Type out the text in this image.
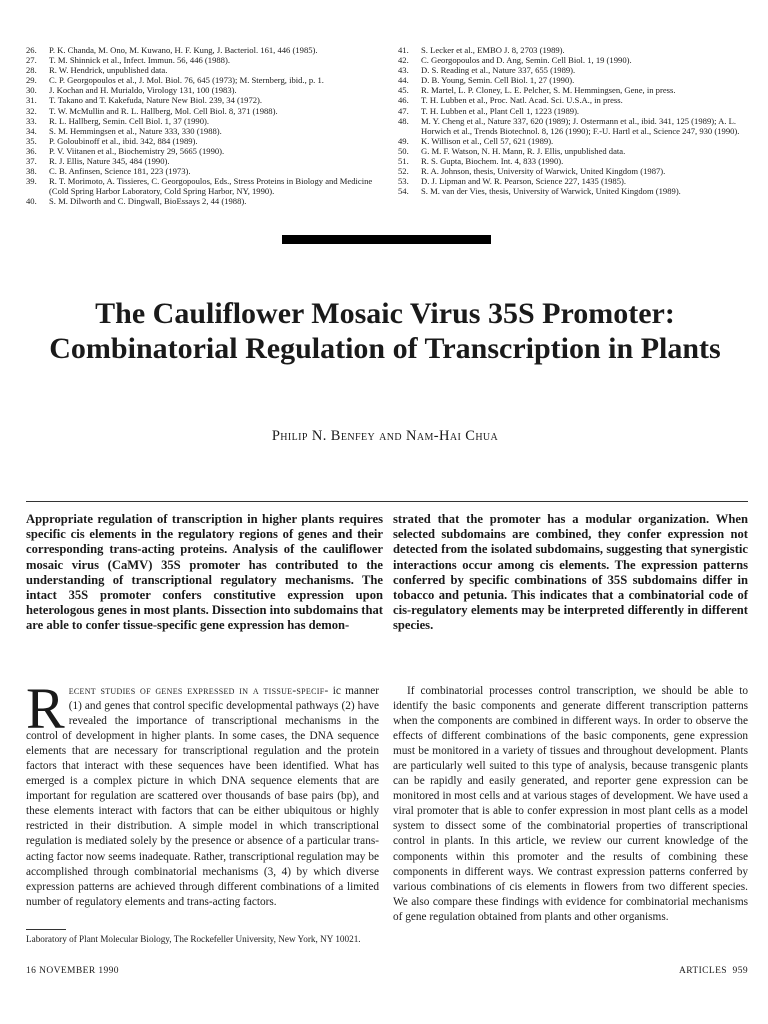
26.	P. K. Chanda, M. Ono, M. Kuwano, H. F. Kung, J. Bacteriol. 161, 446 (1985).
27.	T. M. Shinnick et al., Infect. Immun. 56, 446 (1988).
28.	R. W. Hendrick, unpublished data.
29.	C. P. Georgopoulos et al., J. Mol. Biol. 76, 645 (1973); M. Sternberg, ibid., p. 1.
30.	J. Kochan and H. Murialdo, Virology 131, 100 (1983).
31.	T. Takano and T. Kakefuda, Nature New Biol. 239, 34 (1972).
32.	T. W. McMullin and R. L. Hallberg, Mol. Cell Biol. 8, 371 (1988).
33.	R. L. Hallberg, Semin. Cell Biol. 1, 37 (1990).
34.	S. M. Hemmingsen et al., Nature 333, 330 (1988).
35.	P. Goloubinoff et al., ibid. 342, 884 (1989).
36.	P. V. Viitanen et al., Biochemistry 29, 5665 (1990).
37.	R. J. Ellis, Nature 345, 484 (1990).
38.	C. B. Anfinsen, Science 181, 223 (1973).
39.	R. T. Morimoto, A. Tissieres, C. Georgopoulos, Eds., Stress Proteins in Biology and Medicine (Cold Spring Harbor Laboratory, Cold Spring Harbor, NY, 1990).
40.	S. M. Dilworth and C. Dingwall, BioEssays 2, 44 (1988).
41.	S. Lecker et al., EMBO J. 8, 2703 (1989).
42.	C. Georgopoulos and D. Ang, Semin. Cell Biol. 1, 19 (1990).
43.	D. S. Reading et al., Nature 337, 655 (1989).
44.	D. B. Young, Semin. Cell Biol. 1, 27 (1990).
45.	R. Martel, L. P. Cloney, L. E. Pelcher, S. M. Hemmingsen, Gene, in press.
46.	T. H. Lubben et al., Proc. Natl. Acad. Sci. U.S.A., in press.
47.	T. H. Lubben et al., Plant Cell 1, 1223 (1989).
48.	M. Y. Cheng et al., Nature 337, 620 (1989); J. Ostermann et al., ibid. 341, 125 (1989); A. L. Horwich et al., Trends Biotechnol. 8, 126 (1990); F.-U. Hartl et al., Science 247, 930 (1990).
49.	K. Willison et al., Cell 57, 621 (1989).
50.	G. M. F. Watson, N. H. Mann, R. J. Ellis, unpublished data.
51.	R. S. Gupta, Biochem. Int. 4, 833 (1990).
52.	R. A. Johnson, thesis, University of Warwick, United Kingdom (1987).
53.	D. J. Lipman and W. R. Pearson, Science 227, 1435 (1985).
54.	S. M. van der Vies, thesis, University of Warwick, United Kingdom (1989).
The Cauliflower Mosaic Virus 35S Promoter: Combinatorial Regulation of Transcription in Plants
Philip N. Benfey and Nam-Hai Chua
Appropriate regulation of transcription in higher plants requires specific cis elements in the regulatory regions of genes and their corresponding trans-acting proteins. Analysis of the cauliflower mosaic virus (CaMV) 35S promoter has contributed to the understanding of transcriptional regulatory mechanisms. The intact 35S promoter confers constitutive expression upon heterologous genes in most plants. Dissection into subdomains that are able to confer tissue-specific gene expression has demon-
strated that the promoter has a modular organization. When selected subdomains are combined, they confer expression not detected from the isolated subdomains, suggesting that synergistic interactions occur among cis elements. The expression patterns conferred by specific combinations of 35S subdomains differ in tobacco and petunia. This indicates that a combinatorial code of cis-regulatory elements may be interpreted differently in different species.
Recent studies of genes expressed in a tissue-specif- ic manner (1) and genes that control specific developmental pathways (2) have revealed the importance of transcriptional mechanisms in the control of development in higher plants. In some cases, the DNA sequence elements that are necessary for transcriptional regulation and the protein factors that interact with these sequences have been identified. What has emerged is a complex picture in which DNA sequence elements that are important for regulation are scattered over thousands of base pairs (bp), and these elements interact with factors that can be either ubiquitous or highly restricted in their distribution. A simple model in which transcriptional regulation is mediated solely by the presence or absence of a particular trans-acting factor now seems inadequate. Rather, transcriptional regulation may be accomplished through combinatorial mechanisms (3, 4) by which diverse expression patterns are achieved through different combinations of a limited number of regulatory elements and trans-acting factors.
If combinatorial processes control transcription, we should be able to identify the basic components and generate different transcription patterns when the components are combined in different ways. In order to observe the effects of different combinations of the basic components, gene expression must be monitored in a variety of tissues and throughout development. Plants are particularly well suited to this type of analysis, because transgenic plants can be rapidly and easily generated, and reporter gene expression can be monitored in most cells and at various stages of development. We have used a viral promoter that is able to confer expression in most plant cells as a model system to dissect some of the combinatorial properties of transcriptional control in plants. In this article, we review our current knowledge of the components within this promoter and the results of combining these components in different ways. We contrast expression patterns conferred by various combinations of cis elements in flowers from two different species. We also compare these findings with evidence for combinatorial mechanisms of gene regulation obtained from plants and other organisms.
Laboratory of Plant Molecular Biology, The Rockefeller University, New York, NY 10021.
16 NOVEMBER 1990	ARTICLES 959
